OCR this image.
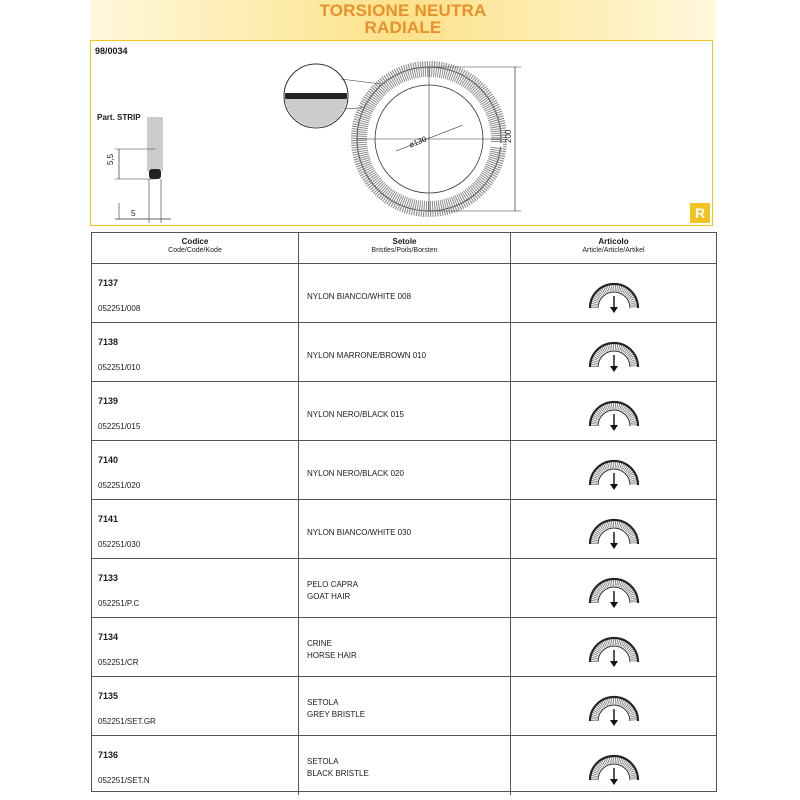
TORSIONE NEUTRA
RADIALE
98/0034
Part. STRIP
ø130
5,5
5
200
R
Codice
Code/Code/Kode
Setole
Bristles/Poils/Borsten
Articolo
Article/Article/Artikel
7137
052251/008
NYLON BIANCO/WHITE 008

7138
052251/010
NYLON MARRONE/BROWN 010

7139
052251/015
NYLON NERO/BLACK 015

7140
052251/020
NYLON NERO/BLACK 020

7141
052251/030
NYLON BIANCO/WHITE 030

7133
052251/P.C
PELO CAPRA
GOAT HAIR
7134
052251/CR
CRINE
HORSE HAIR
7135
052251/SET.GR
SETOLA
GREY BRISTLE
7136
052251/SET.N
SETOLA
BLACK BRISTLE
